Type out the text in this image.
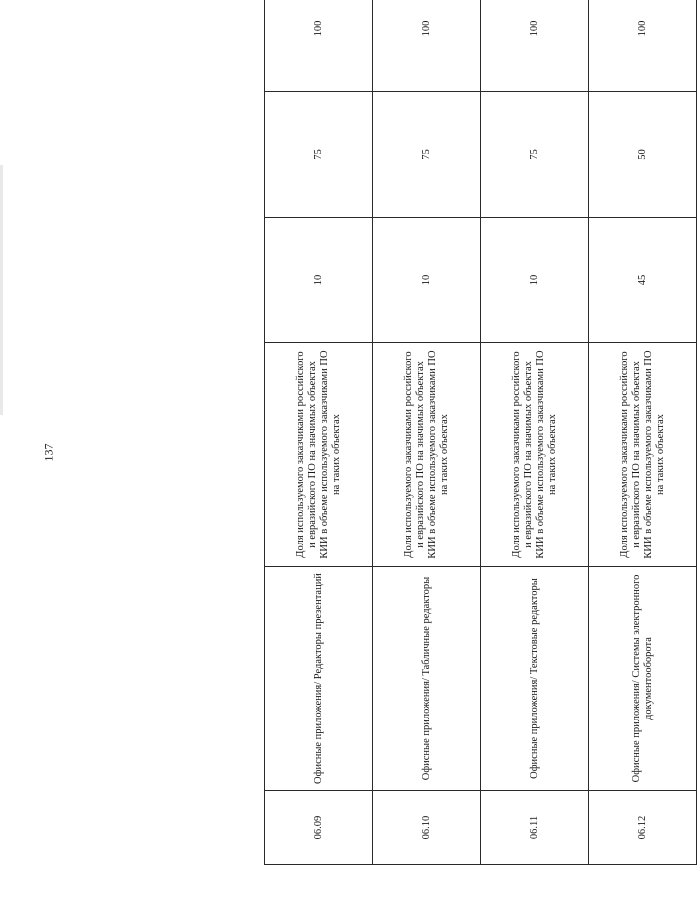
137
06.09	Офисные приложения/ Редакторы презентаций	Доля используемого заказчиками российского и евразийского ПО на значимых объектах КИИ в объеме используемого заказчиками ПО на таких объектах	10	75	100
06.10	Офисные приложения/ Табличные редакторы	Доля используемого заказчиками российского и евразийского ПО на значимых объектах КИИ в объеме используемого заказчиками ПО на таких объектах	10	75	100
06.11	Офисные приложения/ Текстовые редакторы	Доля используемого заказчиками российского и евразийского ПО на значимых объектах КИИ в объеме используемого заказчиками ПО на таких объектах	10	75	100
06.12	Офисные приложения/ Системы электронного документооборота	Доля используемого заказчиками российского и евразийского ПО на значимых объектах КИИ в объеме используемого заказчиками ПО на таких объектах	45	50	100
